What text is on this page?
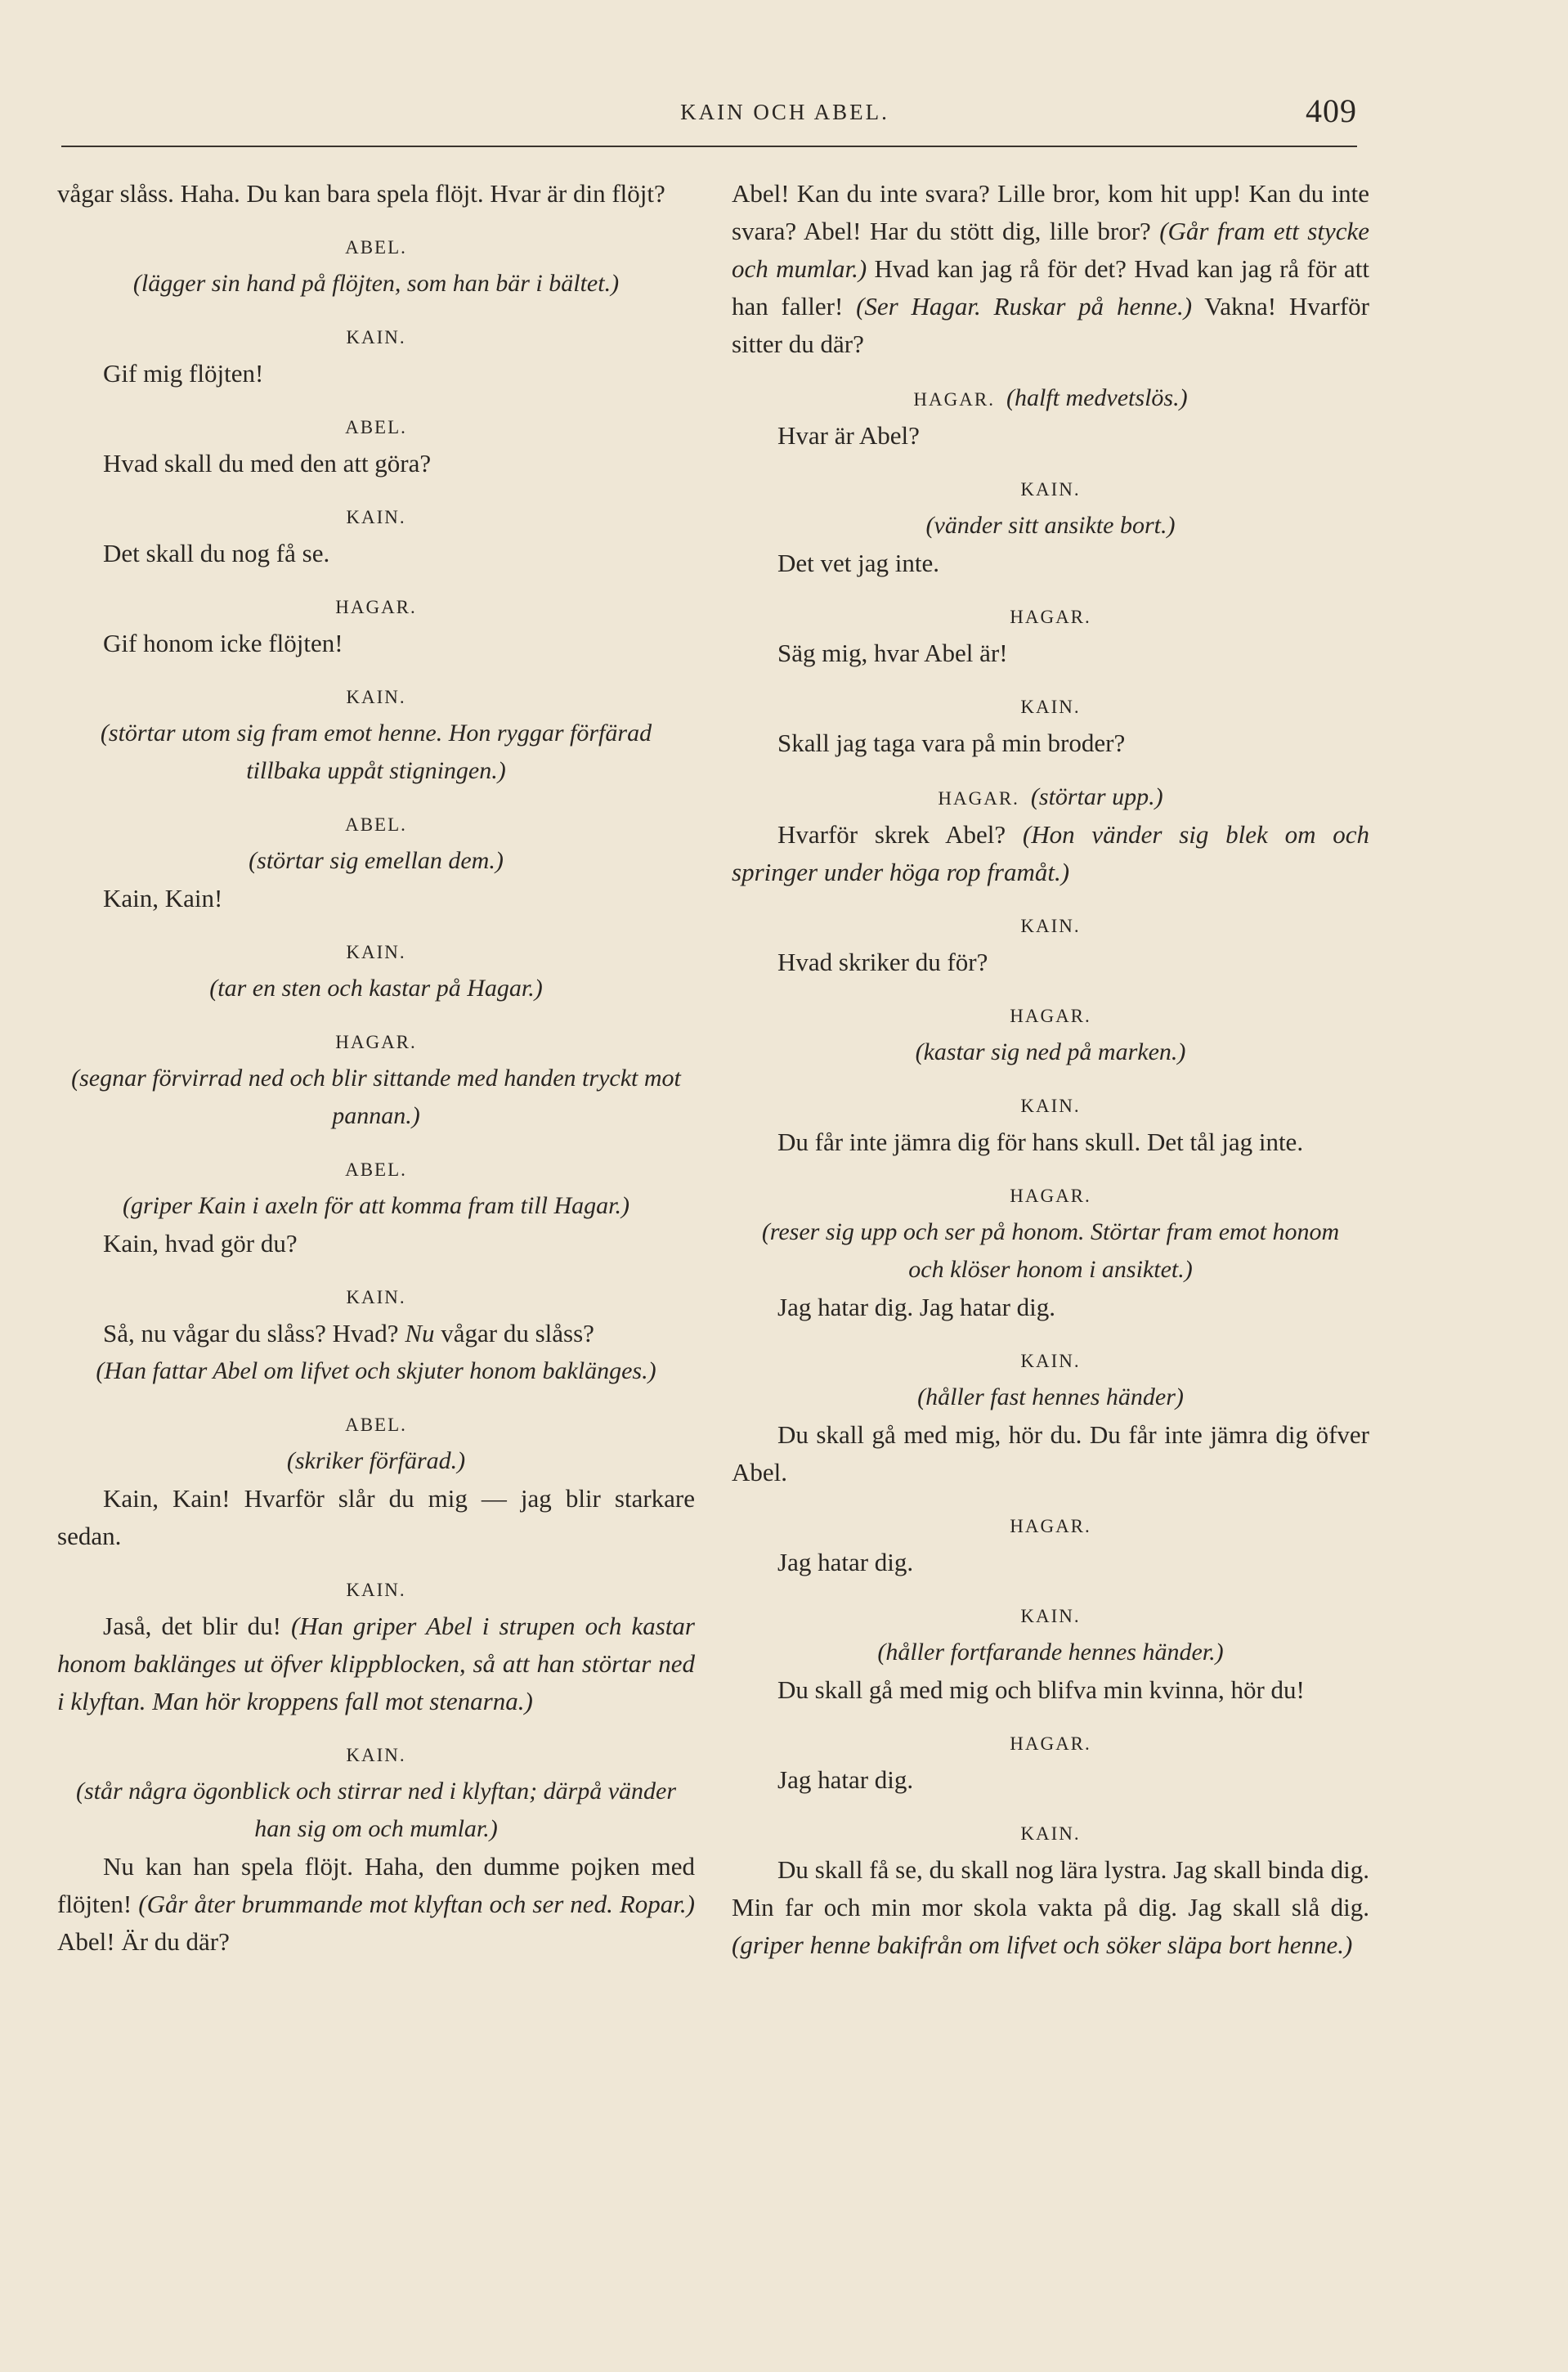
KAIN OCH ABEL.	409
vågar slåss. Haha. Du kan bara spela flöjt. Hvar är din flöjt?
ABEL.
(lägger sin hand på flöjten, som han bär i bältet.)
KAIN.
Gif mig flöjten!
ABEL.
Hvad skall du med den att göra?
KAIN.
Det skall du nog få se.
HAGAR.
Gif honom icke flöjten!
KAIN.
(störtar utom sig fram emot henne. Hon ryggar förfärad tillbaka uppåt stigningen.)
ABEL.
(störtar sig emellan dem.)
Kain, Kain!
KAIN.
(tar en sten och kastar på Hagar.)
HAGAR.
(segnar förvirrad ned och blir sittande med handen tryckt mot pannan.)
ABEL.
(griper Kain i axeln för att komma fram till Hagar.)
Kain, hvad gör du?
KAIN.
Så, nu vågar du slåss? Hvad? Nu vågar du slåss?
(Han fattar Abel om lifvet och skjuter honom baklänges.)
ABEL.
(skriker förfärad.)
Kain, Kain! Hvarför slår du mig — jag blir starkare sedan.
KAIN.
Jaså, det blir du! (Han griper Abel i strupen och kastar honom baklänges ut öfver klippblocken, så att han störtar ned i klyftan. Man hör kroppens fall mot stenarna.)
KAIN.
(står några ögonblick och stirrar ned i klyftan; därpå vänder han sig om och mumlar.)
Nu kan han spela flöjt. Haha, den dumme pojken med flöjten! (Går åter brummande mot klyftan och ser ned. Ropar.) Abel! Är du där?
Abel! Kan du inte svara? Lille bror, kom hit upp! Kan du inte svara? Abel! Har du stött dig, lille bror? (Går fram ett stycke och mumlar.) Hvad kan jag rå för det? Hvad kan jag rå för att han faller! (Ser Hagar. Ruskar på henne.) Vakna! Hvarför sitter du där?
HAGAR. (halft medvetslös.)
Hvar är Abel?
KAIN.
(vänder sitt ansikte bort.)
Det vet jag inte.
HAGAR.
Säg mig, hvar Abel är!
KAIN.
Skall jag taga vara på min broder?
HAGAR. (störtar upp.)
Hvarför skrek Abel? (Hon vänder sig blek om och springer under höga rop framåt.)
KAIN.
Hvad skriker du för?
HAGAR.
(kastar sig ned på marken.)
KAIN.
Du får inte jämra dig för hans skull. Det tål jag inte.
HAGAR.
(reser sig upp och ser på honom. Störtar fram emot honom och klöser honom i ansiktet.)
Jag hatar dig. Jag hatar dig.
KAIN.
(håller fast hennes händer)
Du skall gå med mig, hör du. Du får inte jämra dig öfver Abel.
HAGAR.
Jag hatar dig.
KAIN.
(håller fortfarande hennes händer.)
Du skall gå med mig och blifva min kvinna, hör du!
HAGAR.
Jag hatar dig.
KAIN.
Du skall få se, du skall nog lära lystra. Jag skall binda dig. Min far och min mor skola vakta på dig. Jag skall slå dig. (griper henne bakifrån om lifvet och söker släpa bort henne.)
